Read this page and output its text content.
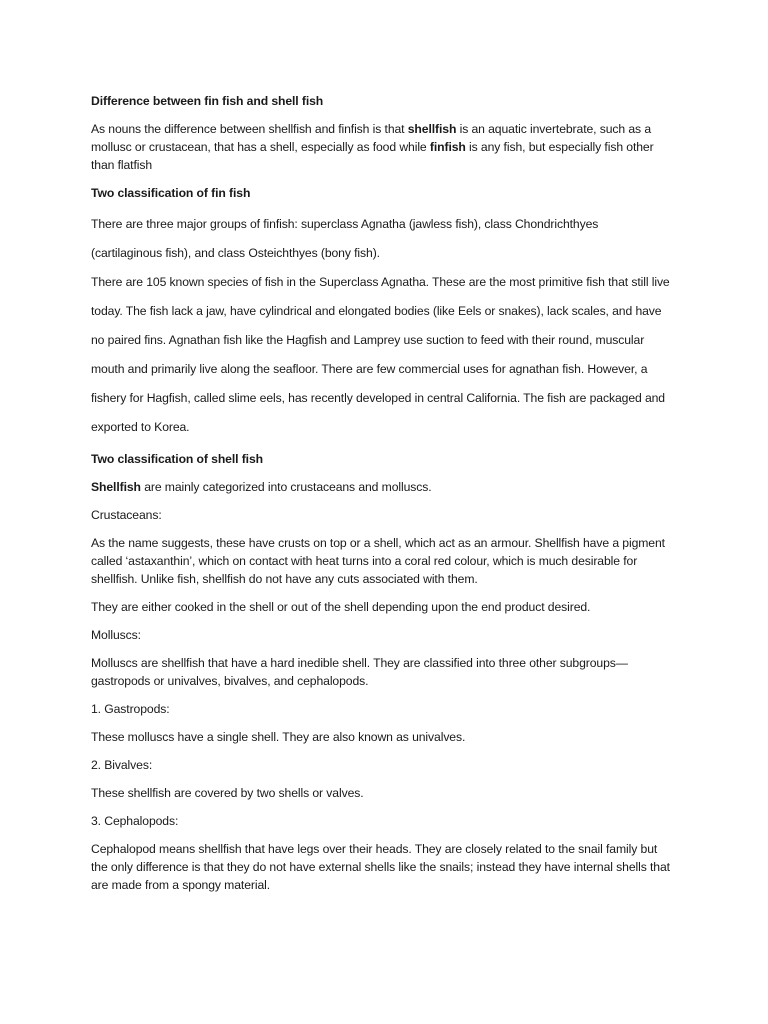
Difference between fin fish and shell fish

As nouns the difference between shellfish and finfish is that shellfish is an aquatic invertebrate, such as a mollusc or crustacean, that has a shell, especially as food while finfish is any fish, but especially fish other than flatfish

Two classification of fin fish

There are three major groups of finfish: superclass Agnatha (jawless fish), class Chondrichthyes (cartilaginous fish), and class Osteichthyes (bony fish).

There are 105 known species of fish in the Superclass Agnatha. These are the most primitive fish that still live today. The fish lack a jaw, have cylindrical and elongated bodies (like Eels or snakes), lack scales, and have no paired fins. Agnathan fish like the Hagfish and Lamprey use suction to feed with their round, muscular mouth and primarily live along the seafloor. There are few commercial uses for agnathan fish. However, a fishery for Hagfish, called slime eels, has recently developed in central California. The fish are packaged and exported to Korea.

Two classification of shell fish

Shellfish are mainly categorized into crustaceans and molluscs.

Crustaceans:

As the name suggests, these have crusts on top or a shell, which act as an armour. Shellfish have a pigment called ‘astaxanthin’, which on contact with heat turns into a coral red colour, which is much desirable for shellfish. Unlike fish, shellfish do not have any cuts associated with them.

They are either cooked in the shell or out of the shell depending upon the end product desired.

Molluscs:

Molluscs are shellfish that have a hard inedible shell. They are classified into three other subgroups— gastropods or univalves, bivalves, and cephalopods.

1. Gastropods:

These molluscs have a single shell. They are also known as univalves.

2. Bivalves:

These shellfish are covered by two shells or valves.

3. Cephalopods:

Cephalopod means shellfish that have legs over their heads. They are closely related to the snail family but the only difference is that they do not have external shells like the snails; instead they have internal shells that are made from a spongy material.
